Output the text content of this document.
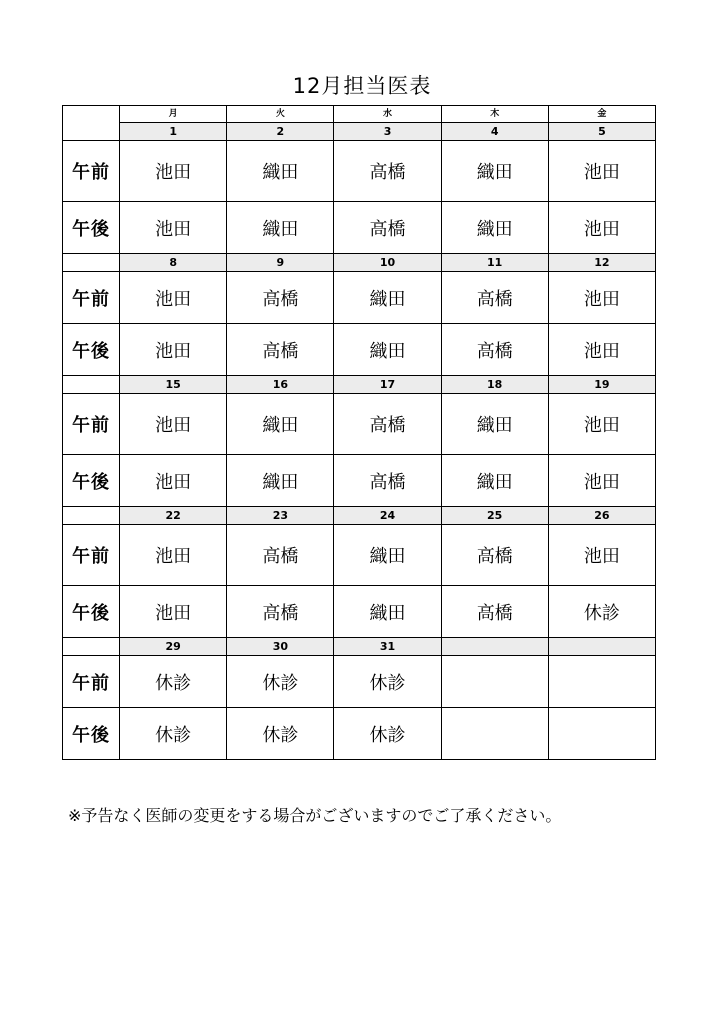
12月担当医表
	月	火	水	木	金
	1	2	3	4	5
午前	池田	織田	高橋	織田	池田
午後	池田	織田	高橋	織田	池田
	8	9	10	11	12
午前	池田	高橋	織田	高橋	池田
午後	池田	高橋	織田	高橋	池田
	15	16	17	18	19
午前	池田	織田	高橋	織田	池田
午後	池田	織田	高橋	織田	池田
	22	23	24	25	26
午前	池田	高橋	織田	高橋	池田
午後	池田	高橋	織田	高橋	休診
	29	30	31		
午前	休診	休診	休診		
午後	休診	休診	休診		
※予告なく医師の変更をする場合がございますのでご了承ください。
